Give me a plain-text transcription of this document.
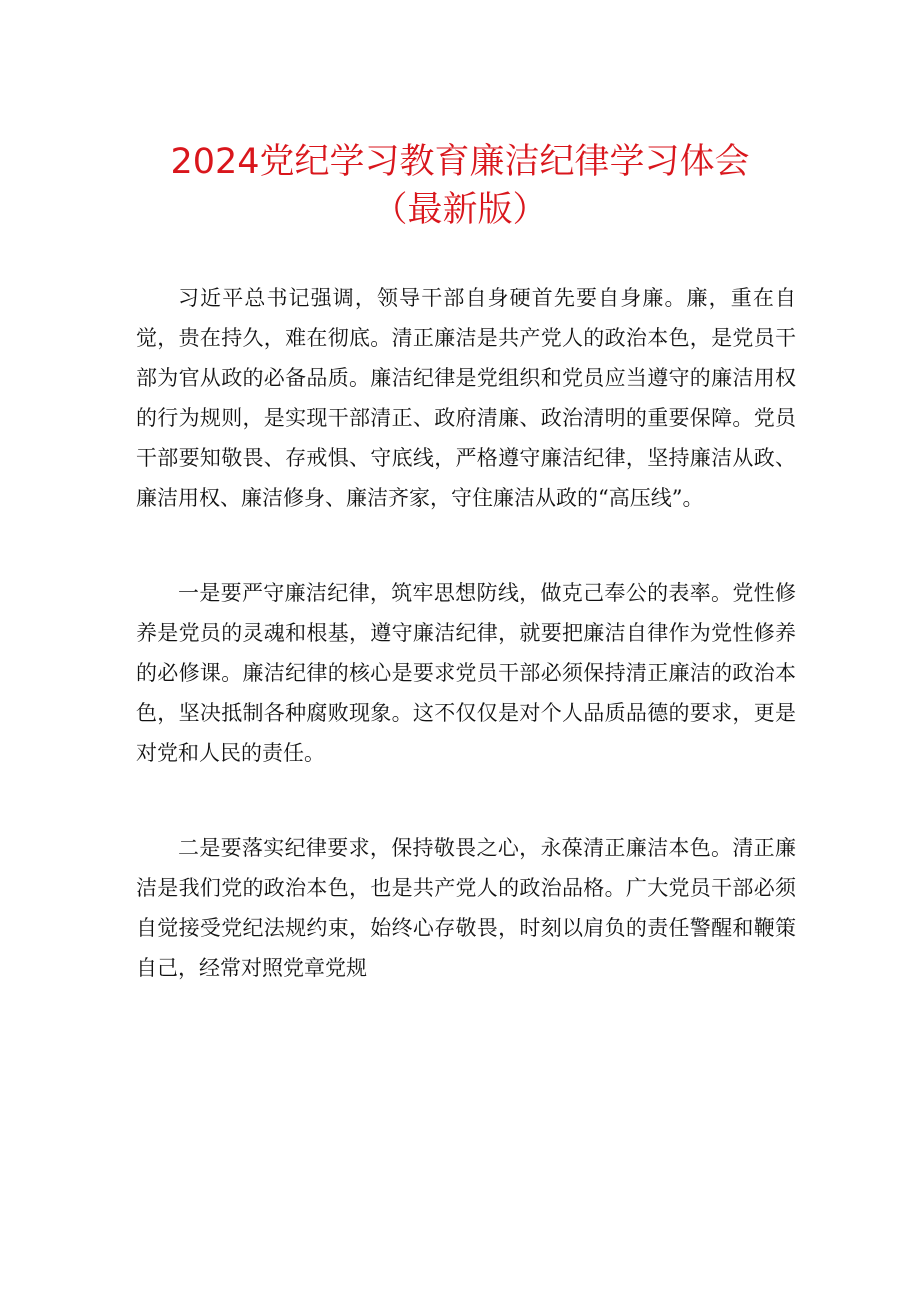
2024党纪学习教育廉洁纪律学习体会
（最新版）

习近平总书记强调，领导干部自身硬首先要自身廉。廉，重在自觉，贵在持久，难在彻底。清正廉洁是共产党人的政治本色，是党员干部为官从政的必备品质。廉洁纪律是党组织和党员应当遵守的廉洁用权的行为规则，是实现干部清正、政府清廉、政治清明的重要保障。党员干部要知敬畏、存戒惧、守底线，严格遵守廉洁纪律，坚持廉洁从政、廉洁用权、廉洁修身、廉洁齐家，守住廉洁从政的“高压线”。

一是要严守廉洁纪律，筑牢思想防线，做克己奉公的表率。党性修养是党员的灵魂和根基，遵守廉洁纪律，就要把廉洁自律作为党性修养的必修课。廉洁纪律的核心是要求党员干部必须保持清正廉洁的政治本色，坚决抵制各种腐败现象。这不仅仅是对个人品质品德的要求，更是对党和人民的责任。

二是要落实纪律要求，保持敬畏之心，永葆清正廉洁本色。清正廉洁是我们党的政治本色，也是共产党人的政治品格。广大党员干部必须自觉接受党纪法规约束，始终心存敬畏，时刻以肩负的责任警醒和鞭策自己，经常对照党章党规
